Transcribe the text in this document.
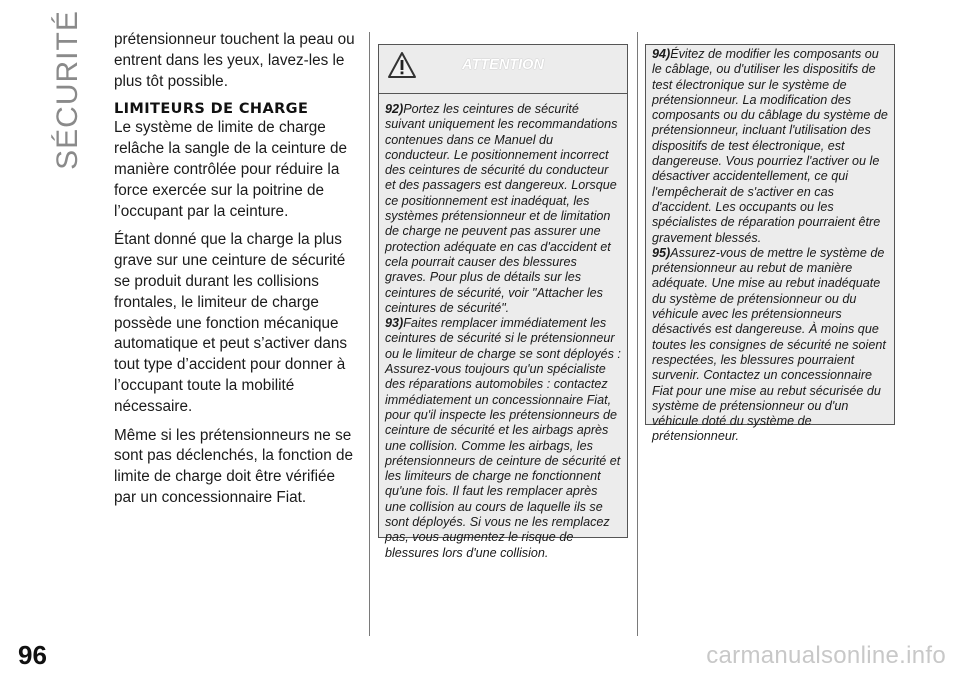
SÉCURITÉ
96

prétensionneur touchent la peau ou entrent dans les yeux, lavez-les le plus tôt possible.

LIMITEURS DE CHARGE

Le système de limite de charge relâche la sangle de la ceinture de manière contrôlée pour réduire la force exercée sur la poitrine de l’occupant par la ceinture.

Étant donné que la charge la plus grave sur une ceinture de sécurité se produit durant les collisions frontales, le limiteur de charge possède une fonction mécanique automatique et peut s’activer dans tout type d’accident pour donner à l’occupant toute la mobilité nécessaire.

Même si les prétensionneurs ne se sont pas déclenchés, la fonction de limite de charge doit être vérifiée par un concessionnaire Fiat.

ATTENTION

92)Portez les ceintures de sécurité suivant uniquement les recommandations contenues dans ce Manuel du conducteur. Le positionnement incorrect des ceintures de sécurité du conducteur et des passagers est dangereux. Lorsque ce positionnement est inadéquat, les systèmes prétensionneur et de limitation de charge ne peuvent pas assurer une protection adéquate en cas d'accident et cela pourrait causer des blessures graves. Pour plus de détails sur les ceintures de sécurité, voir "Attacher les ceintures de sécurité".

93)Faites remplacer immédiatement les ceintures de sécurité si le prétensionneur ou le limiteur de charge se sont déployés : Assurez-vous toujours qu'un spécialiste des réparations automobiles : contactez immédiatement un concessionnaire Fiat, pour qu'il inspecte les prétensionneurs de ceinture de sécurité et les airbags après une collision. Comme les airbags, les prétensionneurs de ceinture de sécurité et les limiteurs de charge ne fonctionnent qu'une fois. Il faut les remplacer après une collision au cours de laquelle ils se sont déployés. Si vous ne les remplacez pas, vous augmentez le risque de blessures lors d'une collision.

94)Évitez de modifier les composants ou le câblage, ou d'utiliser les dispositifs de test électronique sur le système de prétensionneur. La modification des composants ou du câblage du système de prétensionneur, incluant l'utilisation des dispositifs de test électronique, est dangereuse. Vous pourriez l'activer ou le désactiver accidentellement, ce qui l'empêcherait de s'activer en cas d'accident. Les occupants ou les spécialistes de réparation pourraient être gravement blessés.

95)Assurez-vous de mettre le système de prétensionneur au rebut de manière adéquate. Une mise au rebut inadéquate du système de prétensionneur ou du véhicule avec les prétensionneurs désactivés est dangereuse. À moins que toutes les consignes de sécurité ne soient respectées, les blessures pourraient survenir. Contactez un concessionnaire Fiat pour une mise au rebut sécurisée du système de prétensionneur ou d'un véhicule doté du système de prétensionneur.

carmanualsonline.info
